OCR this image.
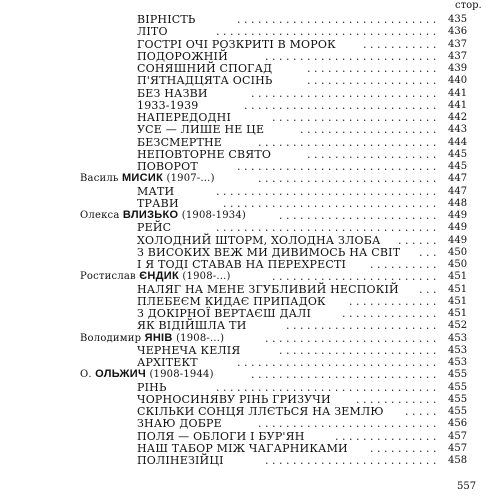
стор.
ВІРНІСТЬ	435
. . . . . . . . . . . . . . . . . . . . . . . . . . . . .
ЛІТО	436
. . . . . . . . . . . . . . . . . . . . . . . . . . . . . . . .
ГОСТРІ ОЧІ РОЗКРИТІ В МОРОК	437
. . . . . . . . . . .
ПОДОРОЖНІЙ	437
. . . . . . . . . . . . . . . . . . . . . . . . .
СОНЯШНИЙ СПОГАД	439
. . . . . . . . . . . . . . . . . . .
П'ЯТНАДЦЯТА ОСІНЬ	440
. . . . . . . . . . . . . . . . . . .
БЕЗ НАЗВИ	441
. . . . . . . . . . . . . . . . . . . . . . . . . . .
1933-1939	441
. . . . . . . . . . . . . . . . . . . . . . . . . . . .
НАПЕРЕДОДНІ	442
. . . . . . . . . . . . . . . . . . . . . . . .
УСЕ — ЛИШЕ НЕ ЦЕ	443
. . . . . . . . . . . . . . . . . . . .
БЕЗСМЕРТНЕ	444
. . . . . . . . . . . . . . . . . . . . . . . . . .
НЕПОВТОРНЕ СВЯТО	445
. . . . . . . . . . . . . . . . . . .
ПОВОРОТ	445
. . . . . . . . . . . . . . . . . . . . . . . . . . . . .
Василь МИСИК (1907-...)	447
. . . . . . . . . . . . . . . . . . . . . . . . . .
МАТИ	447
. . . . . . . . . . . . . . . . . . . . . . . . . . . . . . . .
ТРАВИ	448
. . . . . . . . . . . . . . . . . . . . . . . . . . . . . . .
Олекса ВЛИЗЬКО (1908-1934)	449
. . . . . . . . . . . . . . . . . . . . . . .
РЕЙС	449
. . . . . . . . . . . . . . . . . . . . . . . . . . . . . . . .
ХОЛОДНИЙ ШТОРМ, ХОЛОДНА ЗЛОБА	449
. . . . . .
З ВИСОКИХ ВЕЖ МИ ДИВИМОСЬ НА СВІТ	450
. . .
І Я ТОДІ СТАВАВ НА ПЕРЕХРЕСТІ	450
. . . . . . . . . .
Ростислав ЄНДИК (1908-...)	451
. . . . . . . . . . . . . . . . . . . . . . . .
НАЛЯГ НА МЕНЕ ЗГУБЛИВИЙ НЕСПОКІЙ	451
. . .
ПЛЕБЕЄМ КИДАЄ ПРИПАДОК	451
. . . . . . . . . . . . .
З ДОКІРНОЇ ВЕРТАЄШ ДАЛІ	451
. . . . . . . . . . . . . .
ЯК ВІДІЙШЛА ТИ	452
. . . . . . . . . . . . . . . . . . . . . .
Володимир ЯНІВ (1908-...)	453
. . . . . . . . . . . . . . . . . . . . . . . . .
ЧЕРНЕЧА КЕЛІЯ	453
. . . . . . . . . . . . . . . . . . . . . . .
АРХІТЕКТ	453
. . . . . . . . . . . . . . . . . . . . . . . . . . . . .
О. ОЛЬЖИЧ (1908-1944)	455
. . . . . . . . . . . . . . . . . . . . . . . . . . .
РІНЬ	455
. . . . . . . . . . . . . . . . . . . . . . . . . . . . . . . .
ЧОРНОСИНЯВУ РІНЬ ГРИЗУЧИ	455
. . . . . . . . . . . .
СКІЛЬКИ СОНЦЯ ЛЛЄТЬСЯ НА ЗЕМЛЮ	455
. . . . .
ЗНАЮ ДОБРЕ	456
. . . . . . . . . . . . . . . . . . . . . . . . . .
ПОЛЯ — ОБЛОГИ І БУР'ЯН	457
. . . . . . . . . . . . . . .
НАШ ТАБОР МІЖ ЧАГАРНИКАМИ	457
. . . . . . . . . .
ПОЛІНЕЗІЙЦІ	458
. . . . . . . . . . . . . . . . . . . . . . . . .
557
